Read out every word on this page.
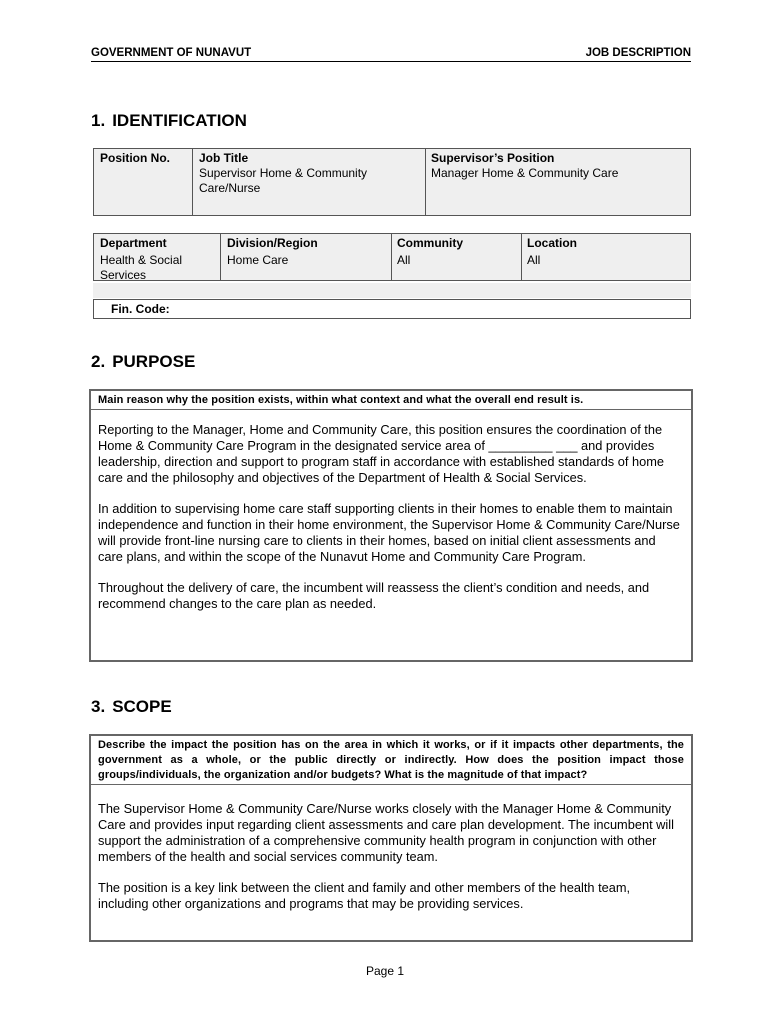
GOVERNMENT OF NUNAVUT	JOB DESCRIPTION
1. IDENTIFICATION
Position No.	Job Title
Supervisor Home & Community Care/Nurse
Supervisor’s Position
Manager Home & Community Care
Department
Health & Social Services
Division/Region
Home Care
Community
All
Location
All
Fin. Code:
2. PURPOSE
Main reason why the position exists, within what context and what the overall end result is.

Reporting to the Manager, Home and Community Care, this position ensures the coordination of the Home & Community Care Program in the designated service area of _________ ___ and provides leadership, direction and support to program staff in accordance with established standards of home care and the philosophy and objectives of the Department of Health & Social Services.

In addition to supervising home care staff supporting clients in their homes to enable them to maintain independence and function in their home environment, the Supervisor Home & Community Care/Nurse will provide front-line nursing care to clients in their homes, based on initial client assessments and care plans, and within the scope of the Nunavut Home and Community Care Program.

Throughout the delivery of care, the incumbent will reassess the client’s condition and needs, and recommend changes to the care plan as needed.

3. SCOPE
Describe the impact the position has on the area in which it works, or if it impacts other departments, the government as a whole, or the public directly or indirectly. How does the position impact those groups/individuals, the organization and/or budgets? What is the magnitude of that impact?

The Supervisor Home & Community Care/Nurse works closely with the Manager Home & Community Care and provides input regarding client assessments and care plan development. The incumbent will support the administration of a comprehensive community health program in conjunction with other members of the health and social services community team.

The position is a key link between the client and family and other members of the health team, including other organizations and programs that may be providing services.

Page 1
